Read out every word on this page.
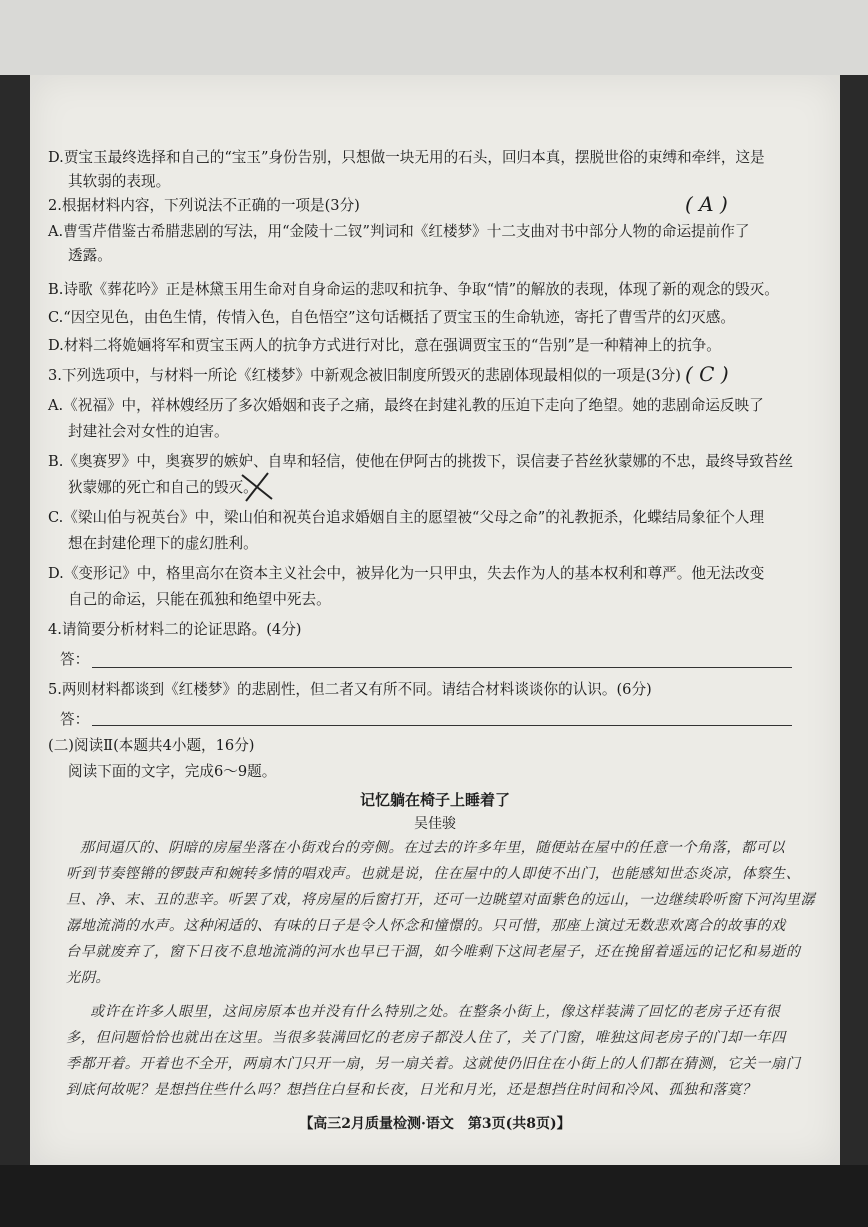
D.贾宝玉最终选择和自己的“宝玉”身份告别，只想做一块无用的石头，回归本真，摆脱世俗的束缚和牵绊，这是
其软弱的表现。
2.根据材料内容，下列说法不正确的一项是(3分)	( A )
A.曹雪芹借鉴古希腊悲剧的写法，用“金陵十二钗”判词和《红楼梦》十二支曲对书中部分人物的命运提前作了
透露。
B.诗歌《葬花吟》正是林黛玉用生命对自身命运的悲叹和抗争、争取“情”的解放的表现，体现了新的观念的毁灭。
C.“因空见色，由色生情，传情入色，自色悟空”这句话概括了贾宝玉的生命轨迹，寄托了曹雪芹的幻灭感。
D.材料二将姽婳将军和贾宝玉两人的抗争方式进行对比，意在强调贾宝玉的“告别”是一种精神上的抗争。
3.下列选项中，与材料一所论《红楼梦》中新观念被旧制度所毁灭的悲剧体现最相似的一项是(3分) ( C )
A.《祝福》中，祥林嫂经历了多次婚姻和丧子之痛，最终在封建礼教的压迫下走向了绝望。她的悲剧命运反映了
封建社会对女性的迫害。
B.《奥赛罗》中，奥赛罗的嫉妒、自卑和轻信，使他在伊阿古的挑拨下，误信妻子苔丝狄蒙娜的不忠，最终导致苔丝
狄蒙娜的死亡和自己的毁灭。
C.《梁山伯与祝英台》中，梁山伯和祝英台追求婚姻自主的愿望被“父母之命”的礼教扼杀，化蝶结局象征个人理
想在封建伦理下的虚幻胜利。
D.《变形记》中，格里高尔在资本主义社会中，被异化为一只甲虫，失去作为人的基本权利和尊严。他无法改变
自己的命运，只能在孤独和绝望中死去。
4.请简要分析材料二的论证思路。(4分)
答：
5.两则材料都谈到《红楼梦》的悲剧性，但二者又有所不同。请结合材料谈谈你的认识。(6分)
答：
(二)阅读Ⅱ(本题共4小题，16分)
阅读下面的文字，完成6～9题。
记忆躺在椅子上睡着了
吴佳骏
那间逼仄的、阴暗的房屋坐落在小街戏台的旁侧。在过去的许多年里，随便站在屋中的任意一个角落，都可以
听到节奏铿锵的锣鼓声和婉转多情的唱戏声。也就是说，住在屋中的人即使不出门，也能感知世态炎凉，体察生、
旦、净、末、丑的悲辛。听罢了戏，将房屋的后窗打开，还可一边眺望对面紫色的远山，一边继续聆听窗下河沟里潺
潺地流淌的水声。这种闲适的、有味的日子是令人怀念和憧憬的。只可惜，那座上演过无数悲欢离合的故事的戏
台早就废弃了，窗下日夜不息地流淌的河水也早已干涸，如今唯剩下这间老屋子，还在挽留着遥远的记忆和易逝的
光阴。
或许在许多人眼里，这间房原本也并没有什么特别之处。在整条小街上，像这样装满了回忆的老房子还有很
多，但问题恰恰也就出在这里。当很多装满回忆的老房子都没人住了，关了门窗，唯独这间老房子的门却一年四
季都开着。开着也不全开，两扇木门只开一扇，另一扇关着。这就使仍旧住在小街上的人们都在猜测，它关一扇门
到底何故呢？是想挡住些什么吗？想挡住白昼和长夜，日光和月光，还是想挡住时间和冷风、孤独和落寞？
【高三2月质量检测·语文　第3页(共8页)】
